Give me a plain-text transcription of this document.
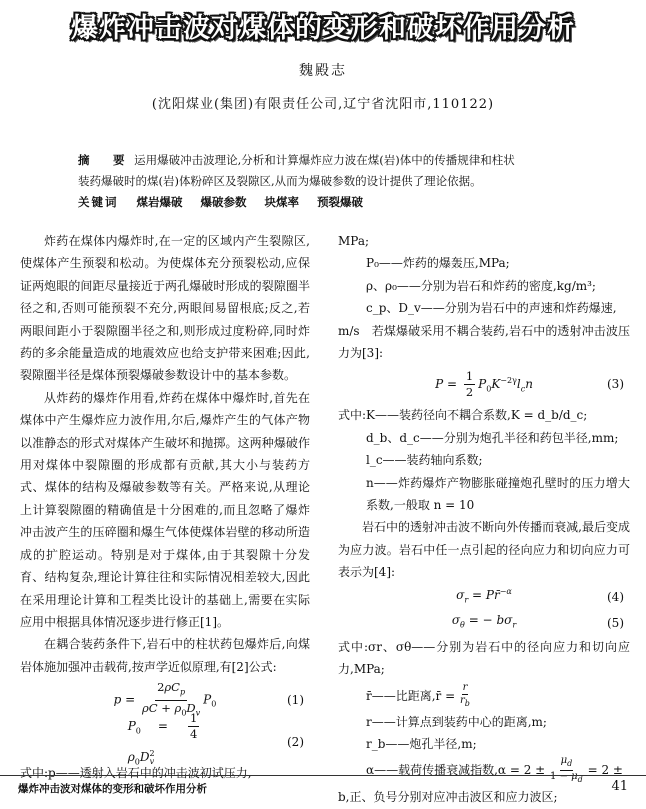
爆炸冲击波对煤体的变形和破坏作用分析
魏殿志
(沈阳煤业(集团)有限责任公司,辽宁省沈阳市,110122)
摘　要 运用爆破冲击波理论,分析和计算爆炸应力波在煤(岩)体中的传播规律和柱状
装药爆破时的煤(岩)体粉碎区及裂隙区,从而为爆破参数的设计提供了理论依据。
关键词 煤岩爆破 爆破参数 块煤率 预裂爆破

炸药在煤体内爆炸时,在一定的区域内产生裂隙区,使煤体产生预裂和松动。为使煤体充分预裂松动,应保证两炮眼的间距尽量接近于两孔爆破时形成的裂隙圈半径之和,否则可能预裂不充分,两眼间易留根底;反之,若两眼间距小于裂隙圈半径之和,则形成过度粉碎,同时炸药的多余能量造成的地震效应也给支护带来困难;因此,裂隙圈半径是煤体预裂爆破参数设计中的基本参数。

从炸药的爆炸作用看,炸药在煤体中爆炸时,首先在煤体中产生爆炸应力波作用,尔后,爆炸产生的气体产物以准静态的形式对煤体产生破坏和抛掷。这两种爆破作用对煤体中裂隙圈的形成都有贡献,其大小与装药方式、煤体的结构及爆破参数等有关。严格来说,从理论上计算裂隙圈的精确值是十分困难的,而且忽略了爆炸冲击波产生的压碎圈和爆生气体使煤体岩壁的移动所造成的扩腔运动。特别是对于煤体,由于其裂隙十分发育、结构复杂,理论计算往往和实际情况相差较大,因此在采用理论计算和工程类比设计的基础上,需要在实际应用中根据具体情况逐步进行修正[1]。

在耦合装药条件下,岩石中的柱状药包爆炸后,向煤岩体施加强冲击载荷,按声学近似原理,有[2]公式:

$p = \frac{2\rho C_p}{\rho C + \rho_0D_v} P_0$	(1)
$P_0 = \frac{1}{4}$
$\rho_0D^2_v$
(2)

式中:p——透射入岩石中的冲击波初试压力,

MPa;

P₀——炸药的爆轰压,MPa;

ρ、ρ₀——分别为岩石和炸药的密度,kg/m³;

c_p、D_v——分别为岩石中的声速和炸药爆速,

m/s　若煤爆破采用不耦合装药,岩石中的透射冲击波压力为[3]:

$P = \frac{1}{2} P_0K^{-2\gamma}l_cn$	(3)

式中:K——装药径向不耦合系数,K = d_b/d_c;

d_b、d_c——分别为炮孔半径和药包半径,mm;

l_c——装药轴向系数;

n——炸药爆炸产物膨胀碰撞炮孔壁时的压力增大系数,一般取 n = 10

岩石中的透射冲击波不断向外传播而衰减,最后变成为应力波。岩石中任一点引起的径向应力和切向应力可表示为[4]:

$\sigma_r$ = Pr̄$^{-\alpha}$	(4)
$\sigma_\theta$ = − $b\sigma_r$	(5)

式中:σr、σθ——分别为岩石中的径向应力和切向应力,MPa;

r̄——比距离,r̄ = $\frac{r}{r_b}$

r——计算点到装药中心的距离,m;

r_b——炮孔半径,m;

α——载荷传播衰减指数$,\alpha = 2 \pm \frac{\mu_d}{1 - \mu_d} = 2$ ±

b,正、负号分别对应冲击波区和应力波区;

爆炸冲击波对煤体的变形和破坏作用分析	41
